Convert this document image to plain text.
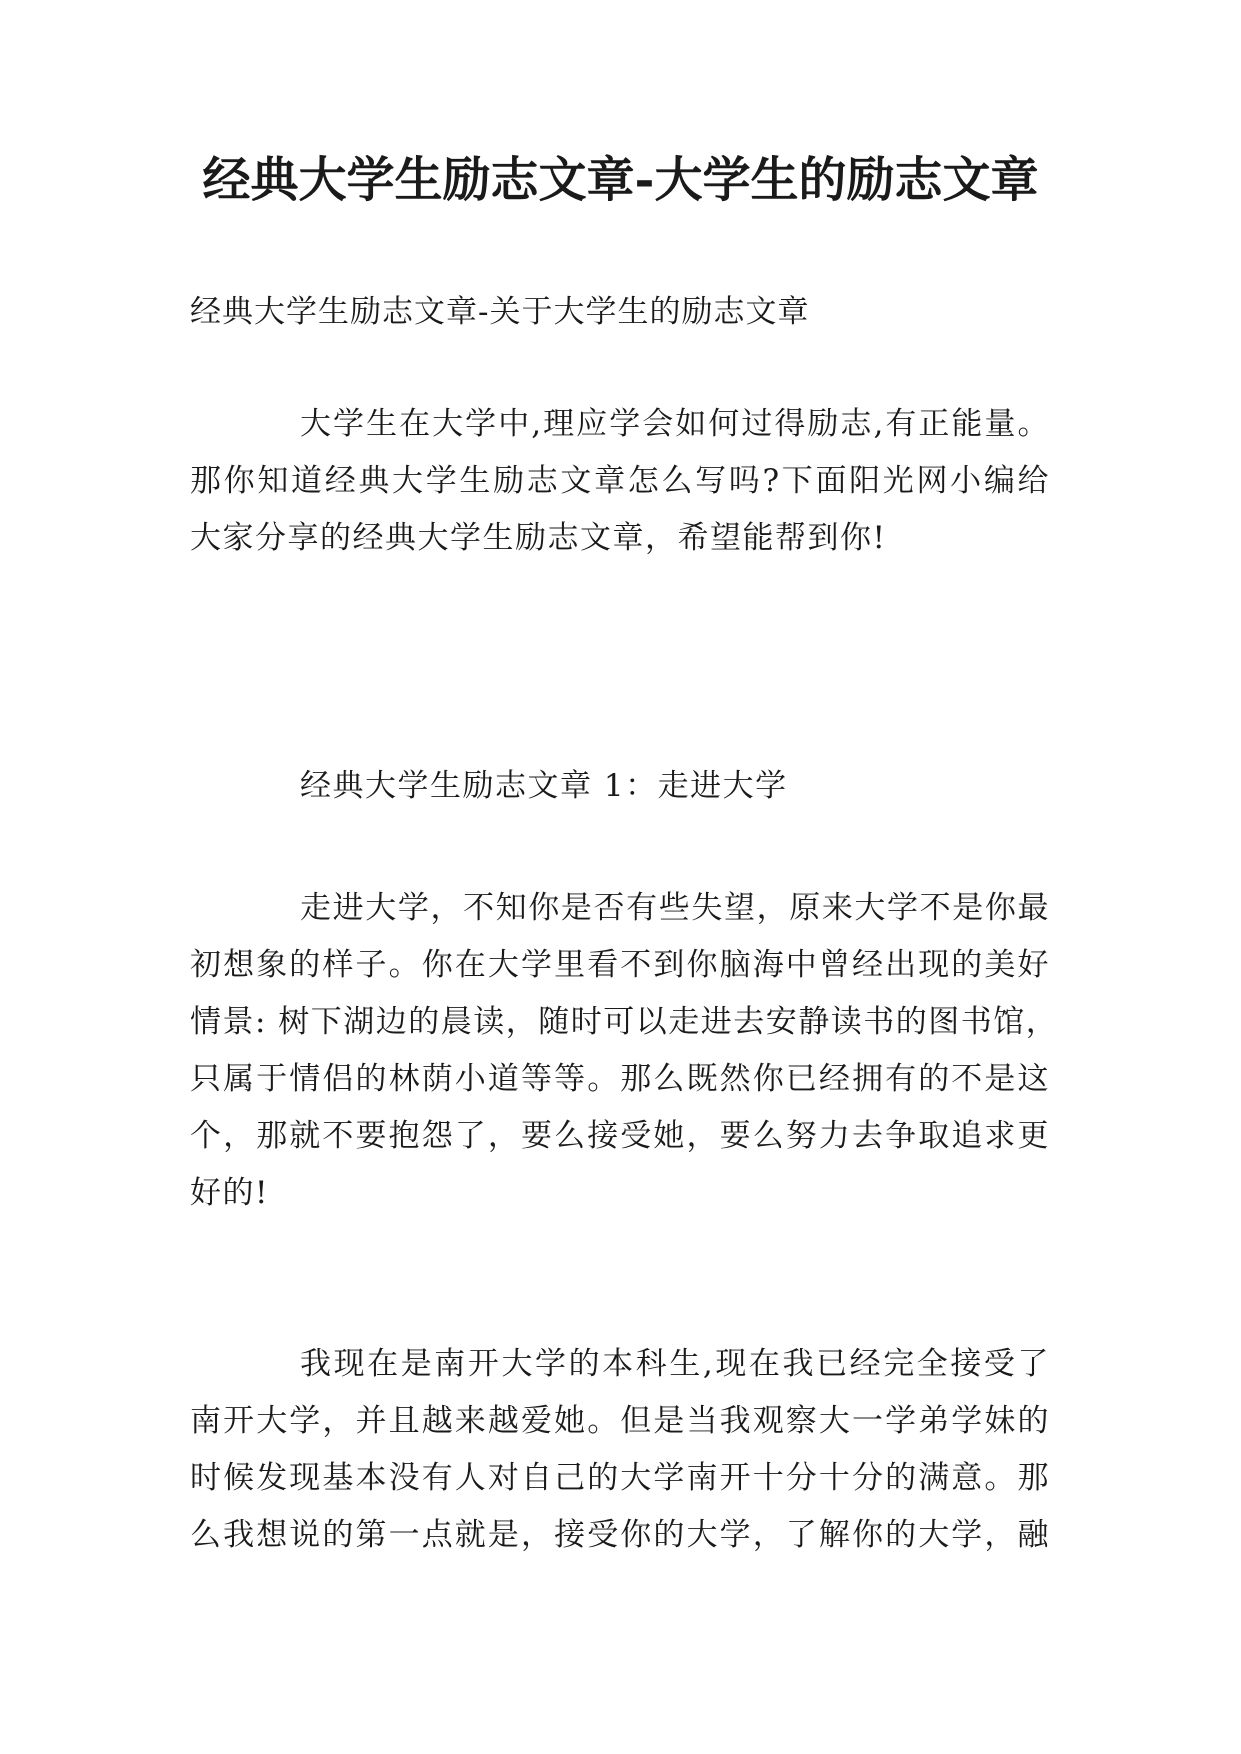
经典大学生励志文章-大学生的励志文章
经典大学生励志文章-关于大学生的励志文章
大学生在大学中,理应学会如何过得励志,有正能量。
那你知道经典大学生励志文章怎么写吗?下面阳光网小编给
大家分享的经典大学生励志文章，希望能帮到你!
经典大学生励志文章 1：走进大学
走进大学，不知你是否有些失望，原来大学不是你最
初想象的样子。你在大学里看不到你脑海中曾经出现的美好
情景: 树下湖边的晨读，随时可以走进去安静读书的图书馆，
只属于情侣的林荫小道等等。那么既然你已经拥有的不是这
个，那就不要抱怨了，要么接受她，要么努力去争取追求更
好的!
我现在是南开大学的本科生,现在我已经完全接受了
南开大学，并且越来越爱她。但是当我观察大一学弟学妹的
时候发现基本没有人对自己的大学南开十分十分的满意。那
么我想说的第一点就是，接受你的大学，了解你的大学，融
